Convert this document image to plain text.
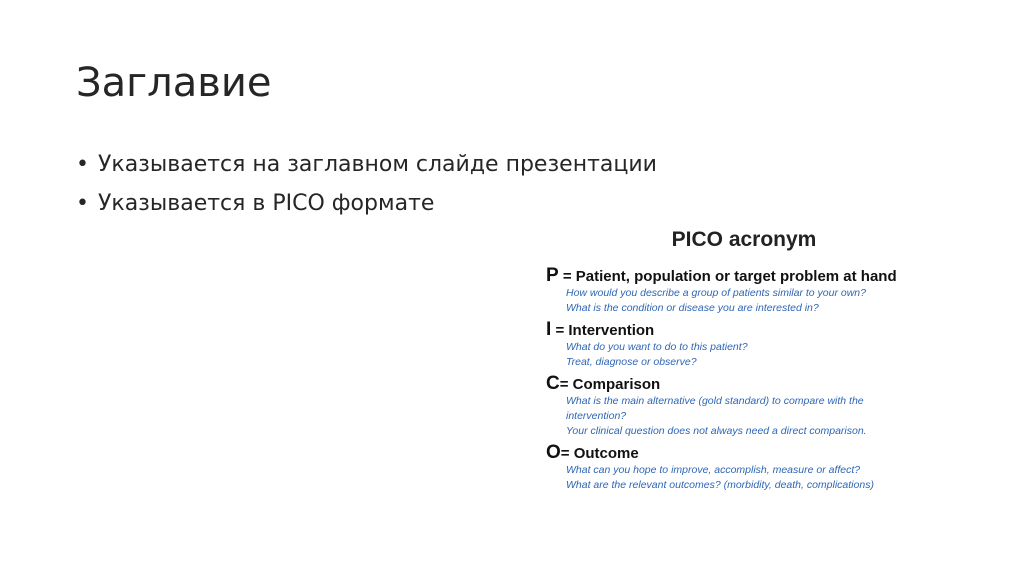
Заглавие
• Указывается на заглавном слайде презентации
• Указывается в PICO формате
PICO acronym
P = Patient, population or target problem at hand
How would you describe a group of patients similar to your own?
What is the condition or disease you are interested in?
I = Intervention
What do you want to do to this patient?
Treat, diagnose or observe?
C= Comparison
What is the main alternative (gold standard) to compare with the
intervention?
Your clinical question does not always need a direct comparison.
O= Outcome
What can you hope to improve, accomplish, measure or affect?
What are the relevant outcomes? (morbidity, death, complications)
